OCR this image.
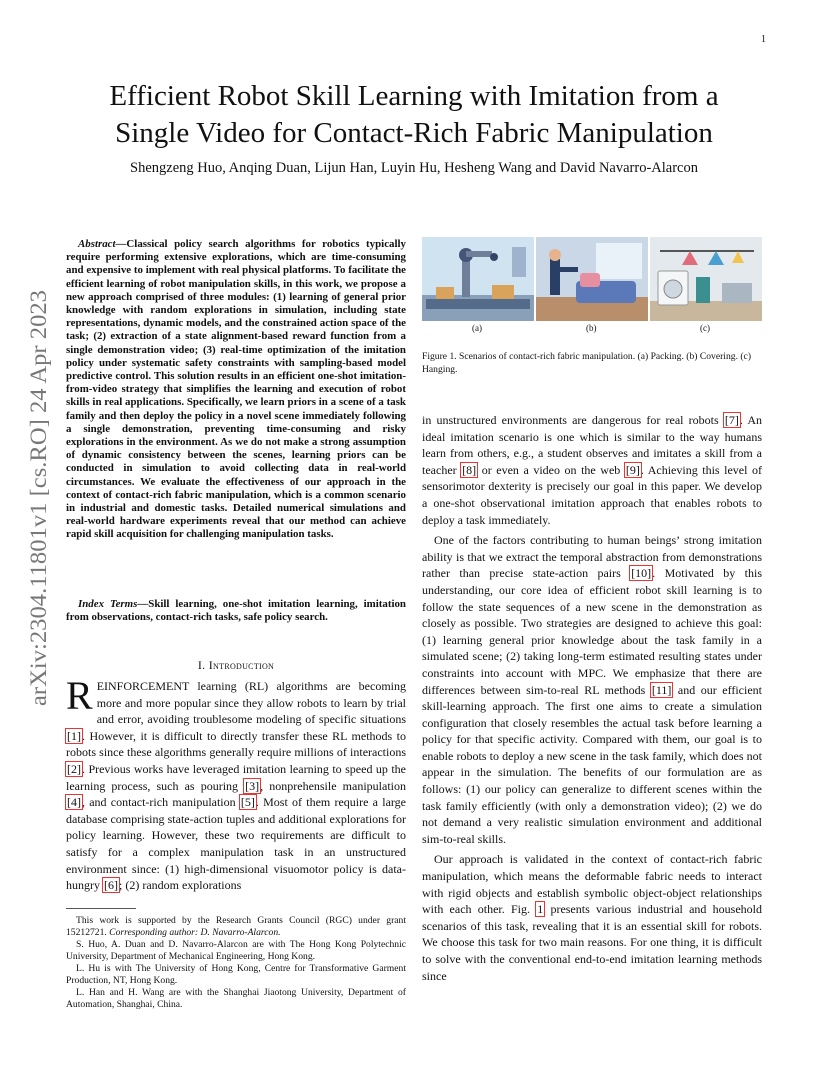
1
arXiv:2304.11801v1 [cs.RO] 24 Apr 2023
Efficient Robot Skill Learning with Imitation from a
Single Video for Contact-Rich Fabric Manipulation
Shengzeng Huo, Anqing Duan, Lijun Han, Luyin Hu, Hesheng Wang and David Navarro-Alarcon
Abstract—Classical policy search algorithms for robotics typically require performing extensive explorations, which are time-consuming and expensive to implement with real physical platforms. To facilitate the efficient learning of robot manipulation skills, in this work, we propose a new approach comprised of three modules: (1) learning of general prior knowledge with random explorations in simulation, including state representations, dynamic models, and the constrained action space of the task; (2) extraction of a state alignment-based reward function from a single demonstration video; (3) real-time optimization of the imitation policy under systematic safety constraints with sampling-based model predictive control. This solution results in an efficient one-shot imitation-from-video strategy that simplifies the learning and execution of robot skills in real applications. Specifically, we learn priors in a scene of a task family and then deploy the policy in a novel scene immediately following a single demonstration, preventing time-consuming and risky explorations in the environment. As we do not make a strong assumption of dynamic consistency between the scenes, learning priors can be conducted in simulation to avoid collecting data in real-world circumstances. We evaluate the effectiveness of our approach in the context of contact-rich fabric manipulation, which is a common scenario in industrial and domestic tasks. Detailed numerical simulations and real-world hardware experiments reveal that our method can achieve rapid skill acquisition for challenging manipulation tasks.
Index Terms—Skill learning, one-shot imitation learning, imitation from observations, contact-rich tasks, safe policy search.
I. Introduction

REINFORCEMENT learning (RL) algorithms are becoming more and more popular since they allow robots to learn by trial and error, avoiding troublesome modeling of specific situations [1]. However, it is difficult to directly transfer these RL methods to robots since these algorithms generally require millions of interactions [2]. Previous works have leveraged imitation learning to speed up the learning process, such as pouring [3], nonprehensile manipulation [4], and contact-rich manipulation [5]. Most of them require a large database comprising state-action tuples and additional explorations for policy learning. However, these two requirements are difficult to satisfy for a complex manipulation task in an unstructured environment since: (1) high-dimensional visuomotor policy is data-hungry [6]; (2) random explorations

This work is supported by the Research Grants Council (RGC) under grant 15212721. Corresponding author: D. Navarro-Alarcon.

S. Huo, A. Duan and D. Navarro-Alarcon are with The Hong Kong Polytechnic University, Department of Mechanical Engineering, Hong Kong.

L. Hu is with The University of Hong Kong, Centre for Transformative Garment Production, NT, Hong Kong.

L. Han and H. Wang are with the Shanghai Jiaotong University, Department of Automation, Shanghai, China.

(a)	(b)	(c)
Figure 1. Scenarios of contact-rich fabric manipulation. (a) Packing. (b) Covering. (c) Hanging.

in unstructured environments are dangerous for real robots [7]. An ideal imitation scenario is one which is similar to the way humans learn from others, e.g., a student observes and imitates a skill from a teacher [8] or even a video on the web [9]. Achieving this level of sensorimotor dexterity is precisely our goal in this paper. We develop a one-shot observational imitation approach that enables robots to deploy a task immediately.

One of the factors contributing to human beings’ strong imitation ability is that we extract the temporal abstraction from demonstrations rather than precise state-action pairs [10]. Motivated by this understanding, our core idea of efficient robot skill learning is to follow the state sequences of a new scene in the demonstration as closely as possible. Two strategies are designed to achieve this goal: (1) learning general prior knowledge about the task family in a simulated scene; (2) taking long-term estimated resulting states under constraints into account with MPC. We emphasize that there are differences between sim-to-real RL methods [11] and our efficient skill-learning approach. The first one aims to create a simulation configuration that closely resembles the actual task before learning a policy for that specific activity. Compared with them, our goal is to enable robots to deploy a new scene in the task family, which does not appear in the simulation. The benefits of our formulation are as follows: (1) our policy can generalize to different scenes within the task family efficiently (with only a demonstration video); (2) we do not demand a very realistic simulation environment and additional sim-to-real skills.

Our approach is validated in the context of contact-rich fabric manipulation, which means the deformable fabric needs to interact with rigid objects and establish symbolic object-object relationships with each other. Fig. 1 presents various industrial and household scenarios of this task, revealing that it is an essential skill for robots. We choose this task for two main reasons. For one thing, it is difficult to solve with the conventional end-to-end imitation learning methods since
